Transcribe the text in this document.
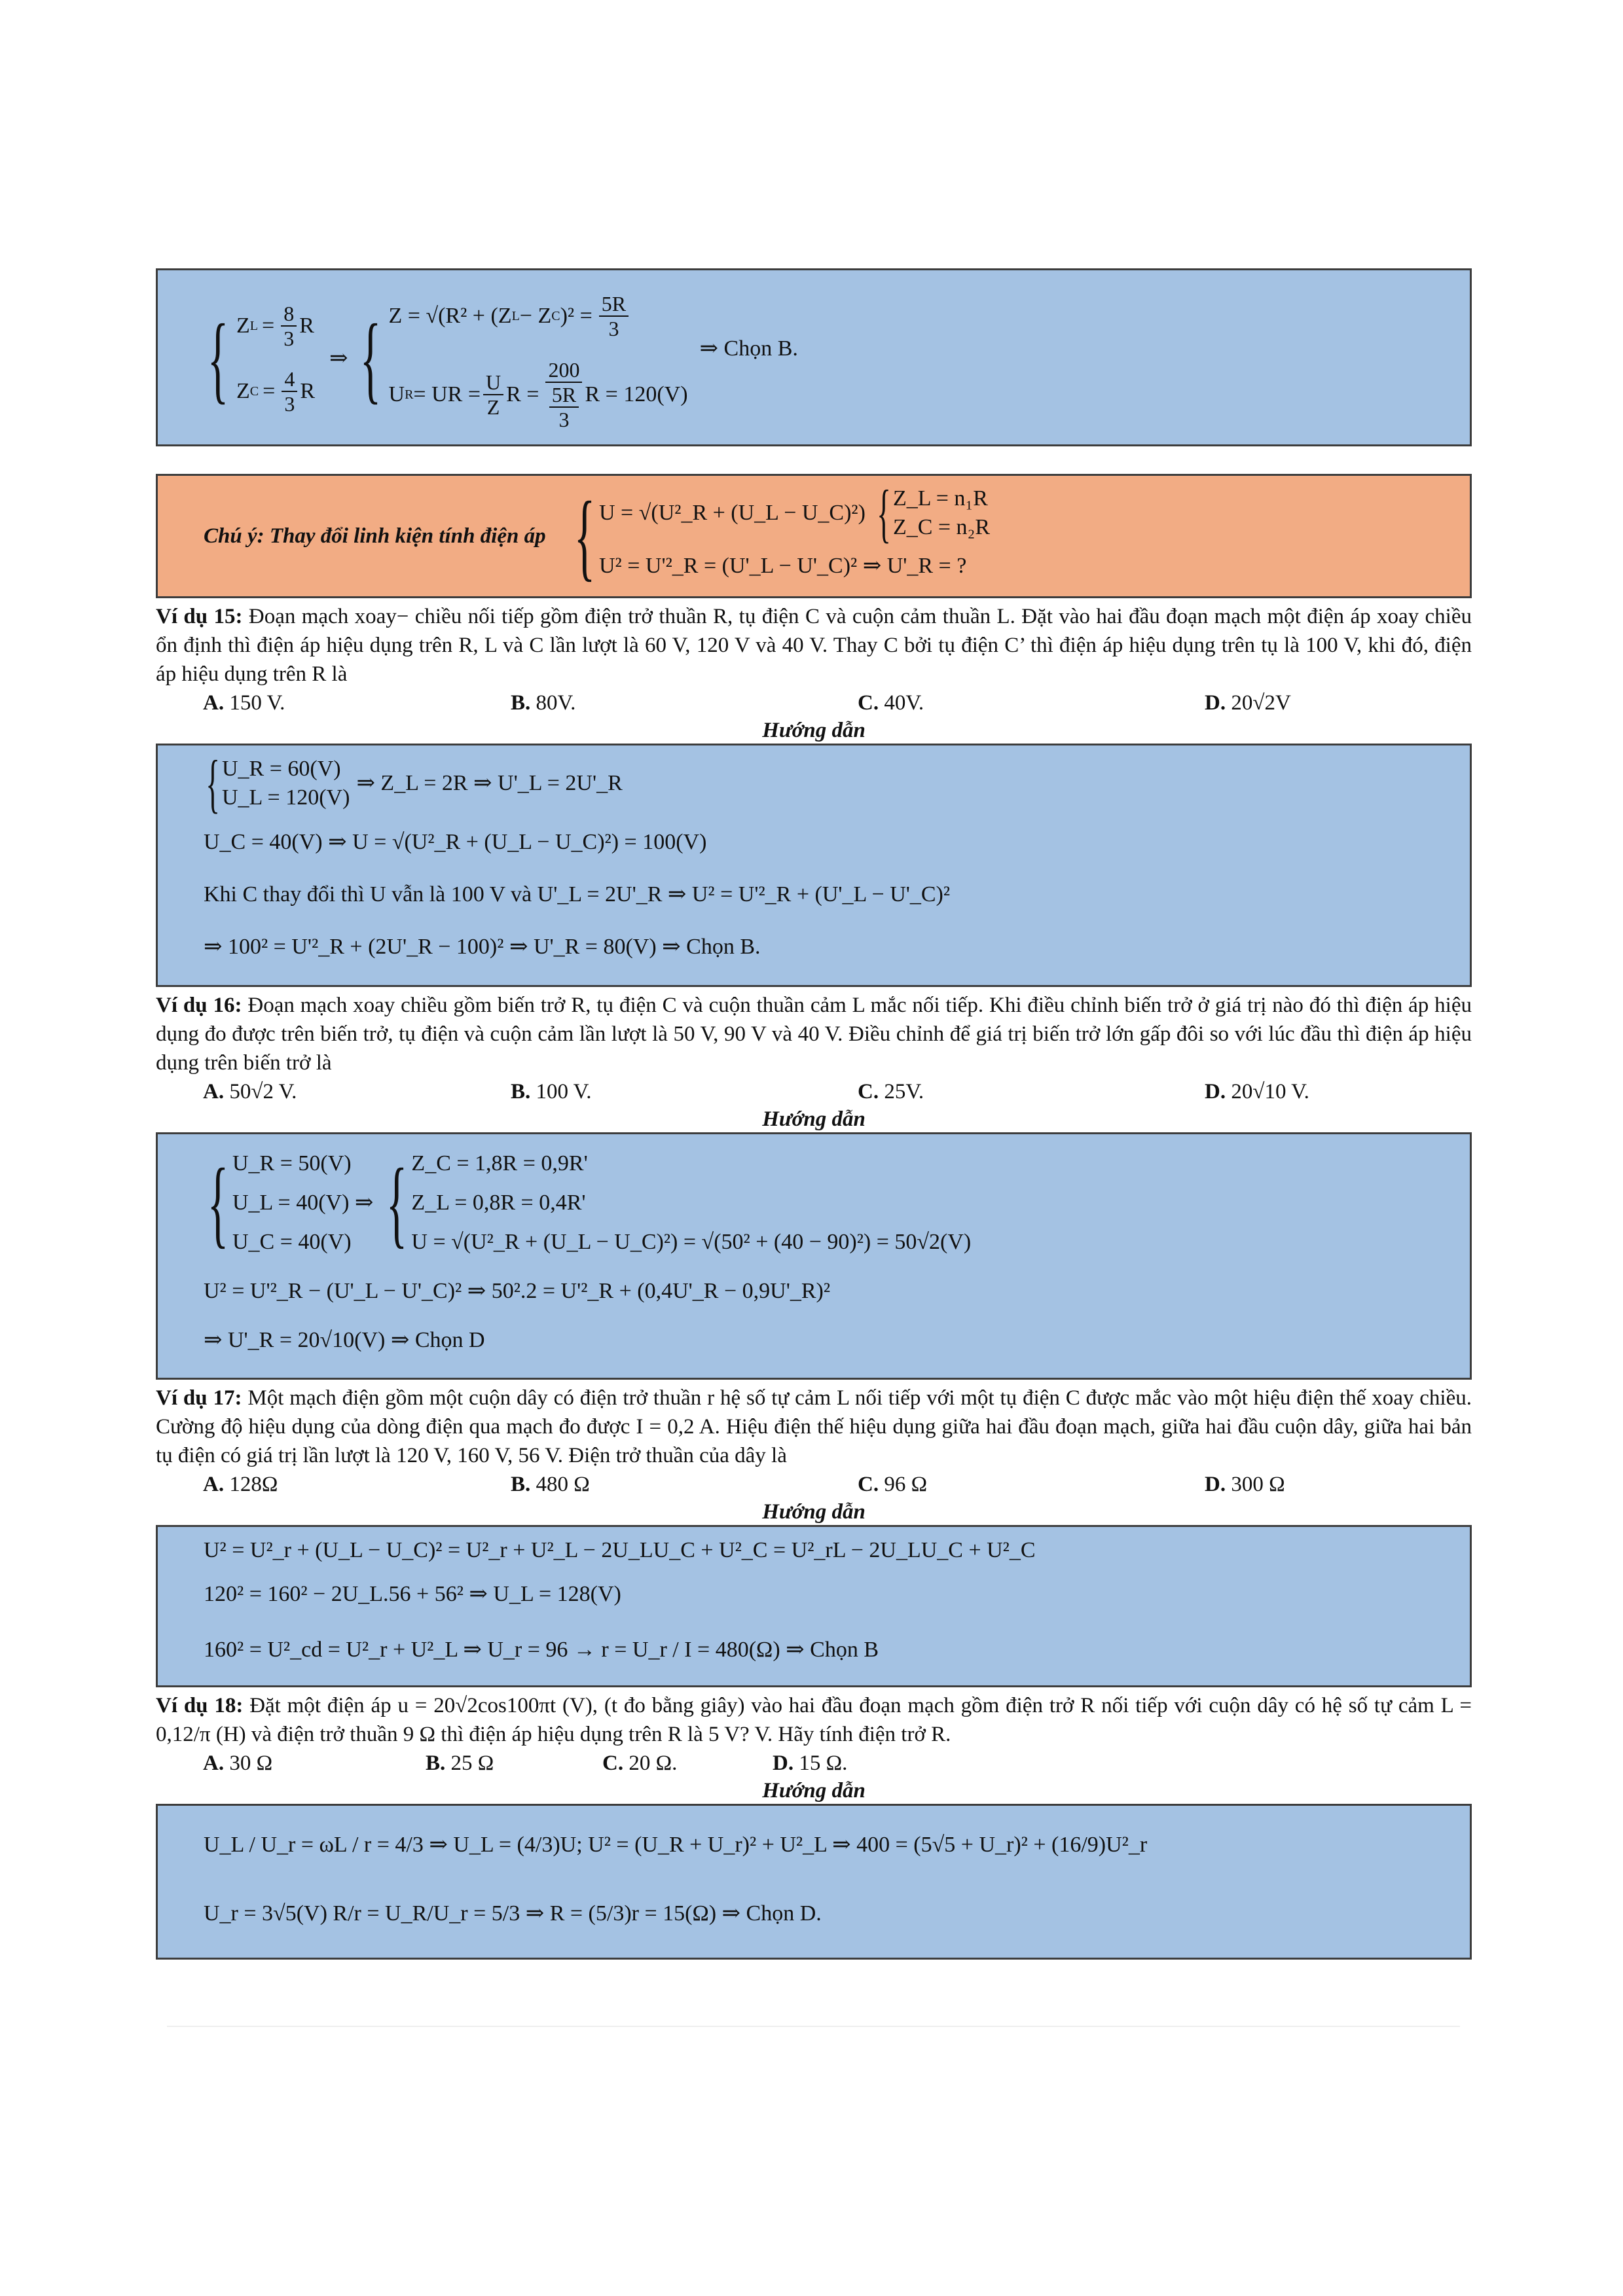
{ Z $L = \frac{8}{3}$ R
Z $C = \frac{4}{3}$ R
⇒ { Z = √(R² + (Z L − Z C )$^2 = \frac{5R}{3}$
U R = UR = $\frac{U}{Z}$ $R = \frac{200}{\frac{5R}{3}}$ R = 120(V)
⇒ Chọn B.
Chú ý: Thay đổi linh kiện tính điện áp { U = √(U²_R + (U_L − U_C)²) { Z_L = n₁R
Z_C = n₂R
U² = U'²_R = (U'_L − U'_C)² ⇒ U'_R = ?
Ví dụ 15: Đoạn mạch xoay− chiều nối tiếp gồm điện trở thuần R, tụ điện C và cuộn cảm thuần L. Đặt vào hai đầu đoạn mạch một điện áp xoay chiều ổn định thì điện áp hiệu dụng trên R, L và C lần lượt là 60 V, 120 V và 40 V. Thay C bởi tụ điện C’ thì điện áp hiệu dụng trên tụ là 100 V, khi đó, điện áp hiệu dụng trên R là
A. 150 V.	B. 80V.	C. 40V.	D. 20√2V
Hướng dẫn
{ U_R = 60(V)
U_L = 120(V)
⇒ Z_L = 2R ⇒ U'_L = 2U'_R
U_C = 40(V) ⇒ U = √(U²_R + (U_L − U_C)²) = 100(V)
Khi C thay đổi thì U vẫn là 100 V và U'_L = 2U'_R ⇒ U² = U'²_R + (U'_L − U'_C)²
⇒ 100² = U'²_R + (2U'_R − 100)² ⇒ U'_R = 80(V) ⇒ Chọn B.
Ví dụ 16: Đoạn mạch xoay chiều gồm biến trở R, tụ điện C và cuộn thuần cảm L mắc nối tiếp. Khi điều chỉnh biến trở ở giá trị nào đó thì điện áp hiệu dụng đo được trên biến trở, tụ điện và cuộn cảm lần lượt là 50 V, 90 V và 40 V. Điều chỉnh để giá trị biến trở lớn gấp đôi so với lúc đầu thì điện áp hiệu dụng trên biến trở là
A. 50√2 V.	B. 100 V.	C. 25V.	D. 20√10 V.
Hướng dẫn
{ U_R = 50(V)
U_L = 40(V) ⇒
U_C = 40(V) { Z_C = 1,8R = 0,9R'
Z_L = 0,8R = 0,4R'
U = √(U²_R + (U_L − U_C)²) = √(50² + (40 − 90)²) = 50√2(V)
U² = U'²_R − (U'_L − U'_C)² ⇒ 50².2 = U'²_R + (0,4U'_R − 0,9U'_R)²
⇒ U'_R = 20√10(V) ⇒ Chọn D
Ví dụ 17: Một mạch điện gồm một cuộn dây có điện trở thuần r hệ số tự cảm L nối tiếp với một tụ điện C được mắc vào một hiệu điện thế xoay chiều. Cường độ hiệu dụng của dòng điện qua mạch đo được I = 0,2 A. Hiệu điện thế hiệu dụng giữa hai đầu đoạn mạch, giữa hai đầu cuộn dây, giữa hai bản tụ điện có giá trị lần lượt là 120 V, 160 V, 56 V. Điện trở thuần của dây là
A. 128Ω	B. 480 Ω	C. 96 Ω	D. 300 Ω
Hướng dẫn
U² = U²_r + (U_L − U_C)² = U²_r + U²_L − 2U_LU_C + U²_C = U²_rL − 2U_LU_C + U²_C
120² = 160² − 2U_L.56 + 56² ⇒ U_L = 128(V)
160² = U²_cd = U²_r + U²_L ⇒ U_r = 96 → r = U_r / I = 480(Ω) ⇒ Chọn B
Ví dụ 18: Đặt một điện áp u = 20√2cos100πt (V), (t đo bằng giây) vào hai đầu đoạn mạch gồm điện trở R nối tiếp với cuộn dây có hệ số tự cảm L = 0,12/π (H) và điện trở thuần 9 Ω thì điện áp hiệu dụng trên R là 5 V? V. Hãy tính điện trở R.
A. 30 Ω	B. 25 Ω	C. 20 Ω.	D. 15 Ω.
Hướng dẫn
U_L / U_r = ωL / r = 4/3 ⇒ U_L = (4/3)U; U² = (U_R + U_r)² + U²_L ⇒ 400 = (5√5 + U_r)² + (16/9)U²_r
U_r = 3√5(V) R/r = U_R/U_r = 5/3 ⇒ R = (5/3)r = 15(Ω) ⇒ Chọn D.
